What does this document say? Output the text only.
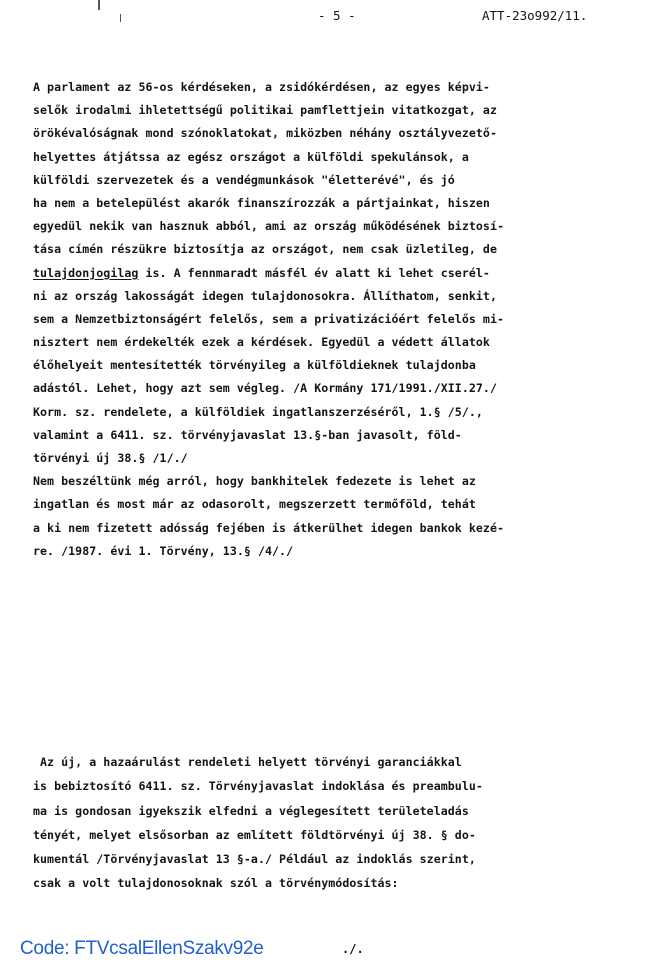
- 5 -	ATT-23o992/11.
A parlament az 56-os kérdéseken, a zsidókérdésen, az egyes képvi-
selők irodalmi ihletettségű politikai pamflettjein vitatkozgat, az
örökévalóságnak mond szónoklatokat, miközben néhány osztályvezető-
helyettes átjátssa az egész országot a külföldi spekulánsok, a
külföldi szervezetek és a vendégmunkások "életterévé", és jó
ha nem a betelepülést akarók finanszírozzák a pártjainkat, hiszen
egyedül nekik van hasznuk abból, ami az ország működésének biztosí-
tása címén részükre biztosítja az országot, nem csak üzletileg, de
tulajdonjogilag is. A fennmaradt másfél év alatt ki lehet cserél-
ni az ország lakosságát idegen tulajdonosokra. Állíthatom, senkit,
sem a Nemzetbiztonságért felelős, sem a privatizációért felelős mi-
nisztert nem érdekelték ezek a kérdések. Egyedül a védett állatok
élőhelyeit mentesítették törvényileg a külföldieknek tulajdonba
adástól. Lehet, hogy azt sem végleg. /A Kormány 171/1991./XII.27./
Korm. sz. rendelete, a külföldiek ingatlanszerzéséről, 1.§ /5/.,
valamint a 6411. sz. törvényjavaslat 13.§-ban javasolt, föld-
törvényi új 38.§ /1/./
Nem beszéltünk még arról, hogy bankhitelek fedezete is lehet az
ingatlan és most már az odasorolt, megszerzett termőföld, tehát
a ki nem fizetett adósság fejében is átkerülhet idegen bankok kezé-
re. /1987. évi 1. Törvény, 13.§ /4/./
Az új, a hazaárulást rendeleti helyett törvényi garanciákkal
is bebiztosító 6411. sz. Törvényjavaslat indoklása és preambulu-
ma is gondosan igyekszik elfedni a véglegesített területeladás
tényét, melyet elsősorban az említett földtörvényi új 38. § do-
kumentál /Törvényjavaslat 13 §-a./ Például az indoklás szerint,
csak a volt tulajdonosoknak szól a törvénymódosítás:
Code: FTVcsalEllenSzakv92e	./.
